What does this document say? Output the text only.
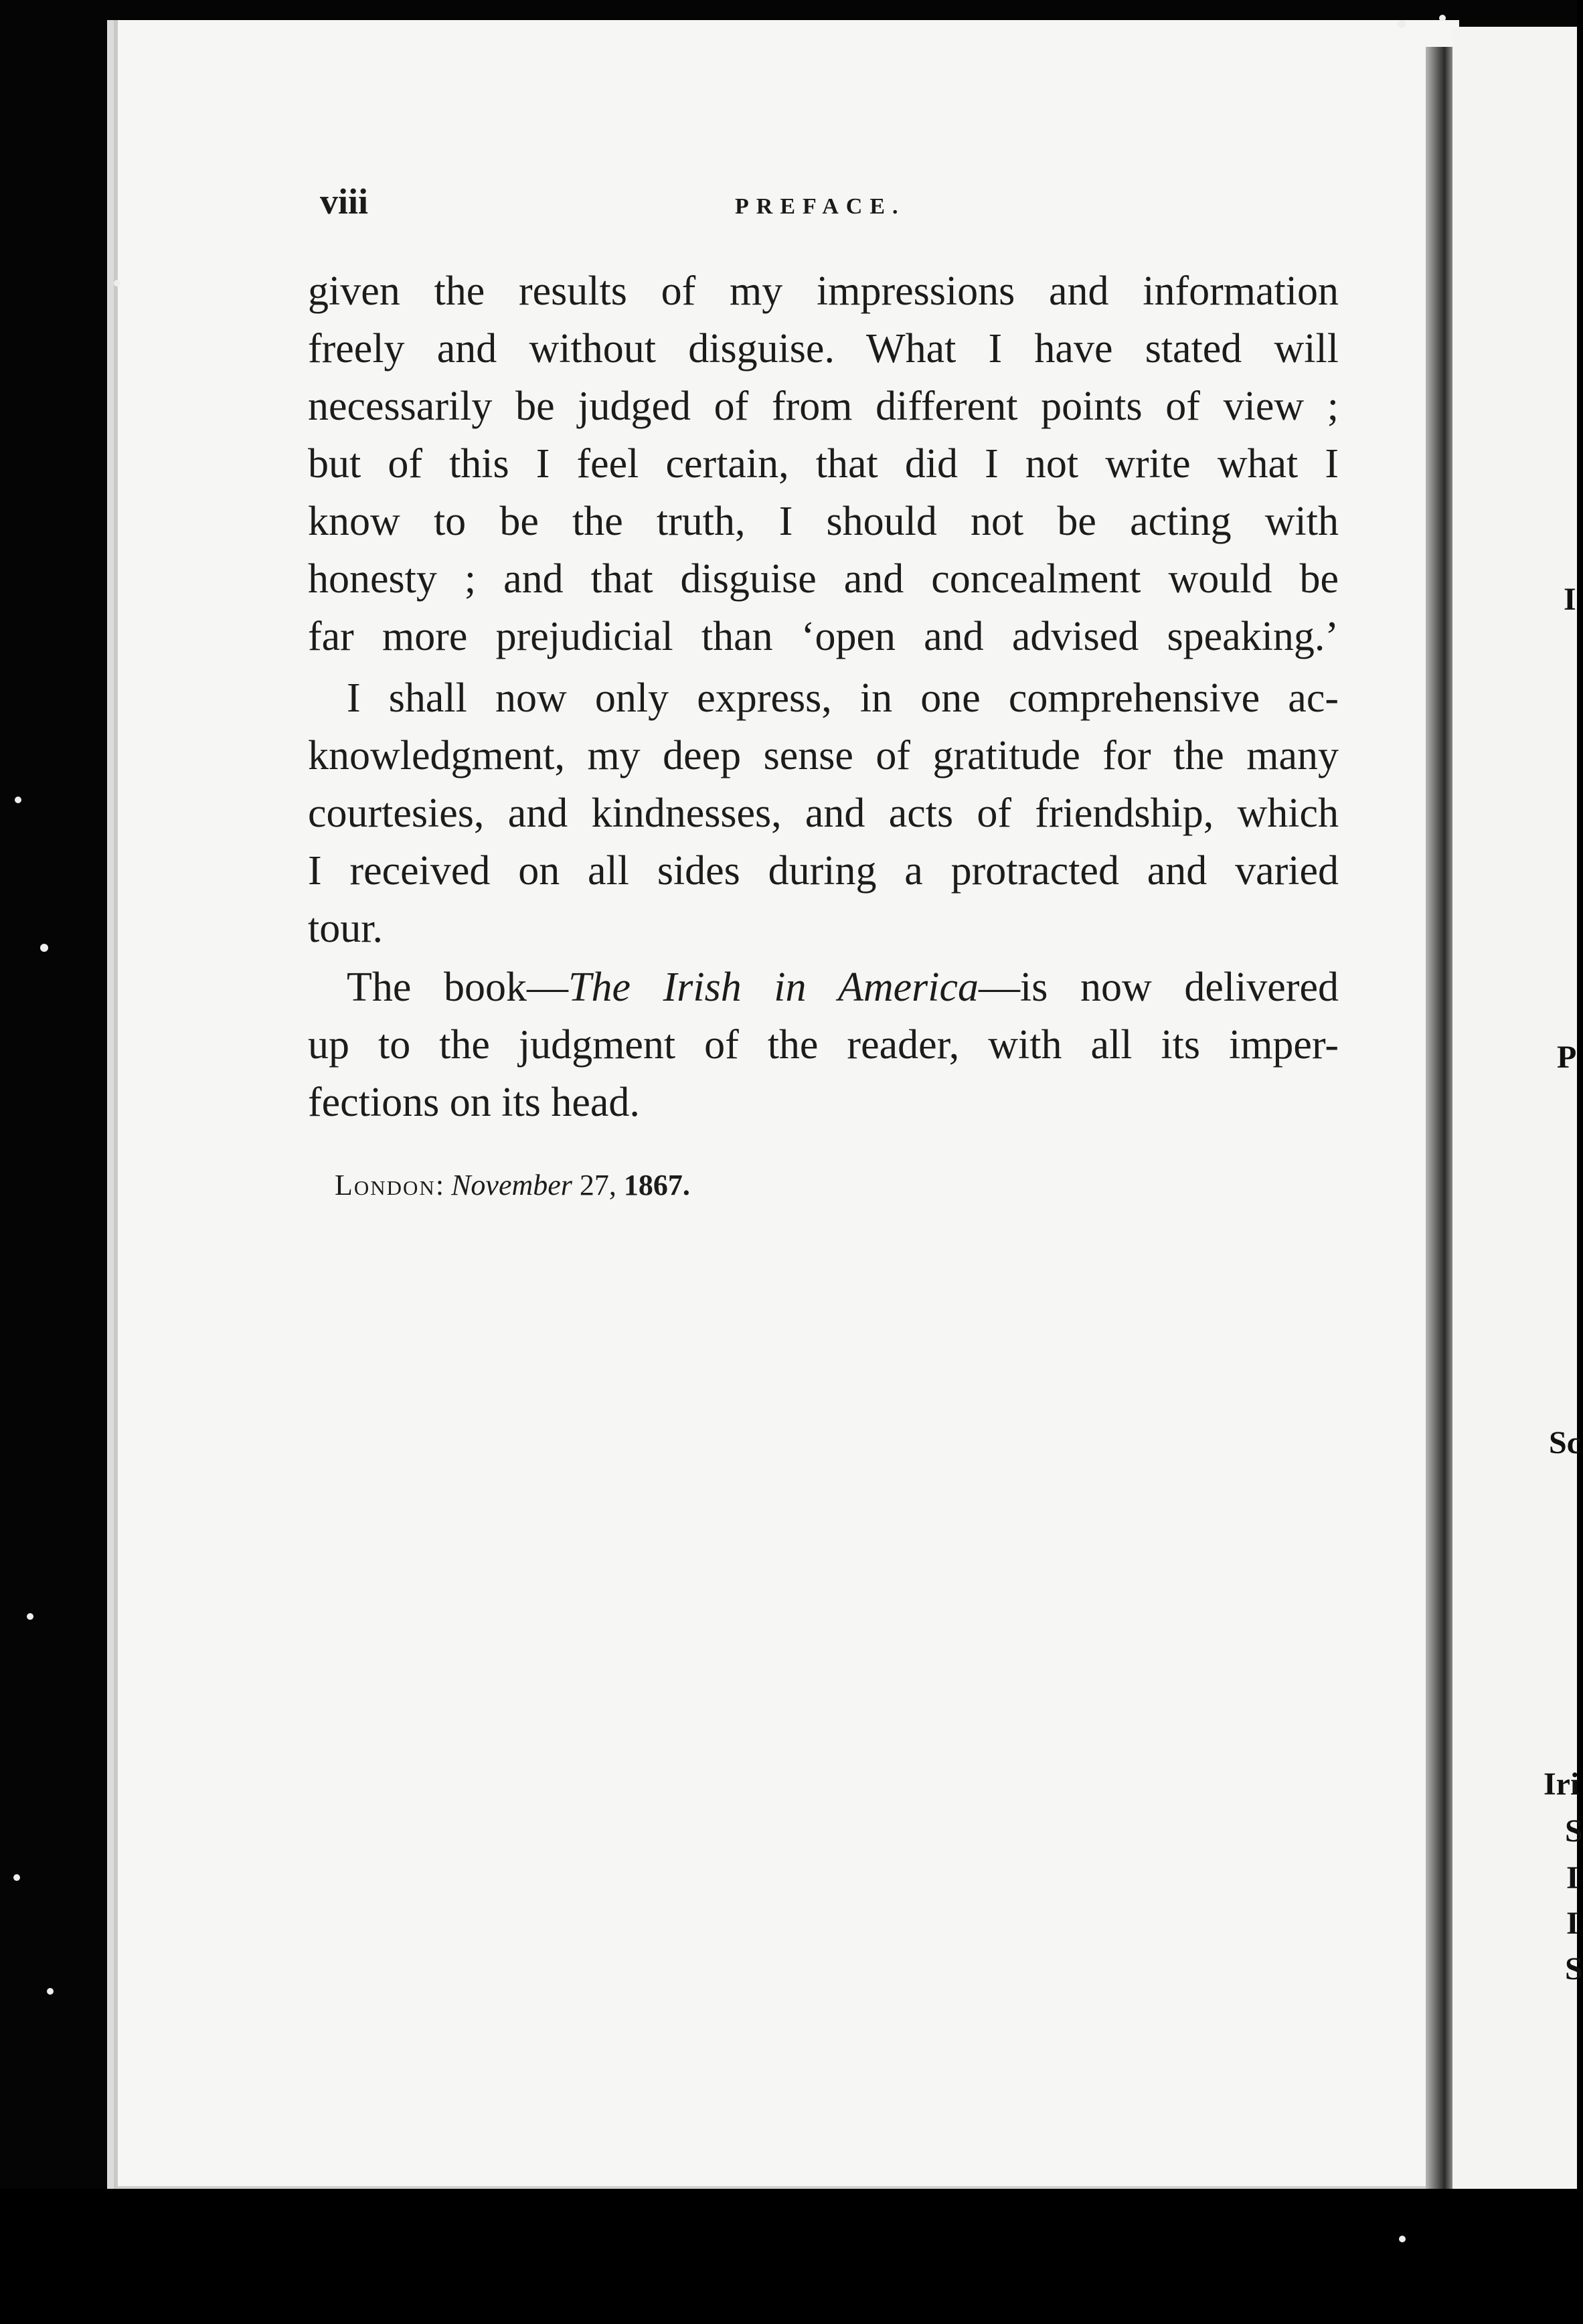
viii	PREFACE.
given the results of my impressions and information
freely and without disguise. What I have stated will
necessarily be judged of from different points of view ;
but of this I feel certain, that did I not write what I
know to be the truth, I should not be acting with
honesty ; and that disguise and concealment would be
far more prejudicial than ‘open and advised speaking.’
I shall now only express, in one comprehensive ac-
knowledgment, my deep sense of gratitude for the many
courtesies, and kindnesses, and acts of friendship, which
I received on all sides during a protracted and varied
tour.
The book—The Irish in America—is now delivered
up to the judgment of the reader, with all its imper-
fections on its head.
London: November 27, 1867.
I
P
Sc
Iri
S
I
I
S
